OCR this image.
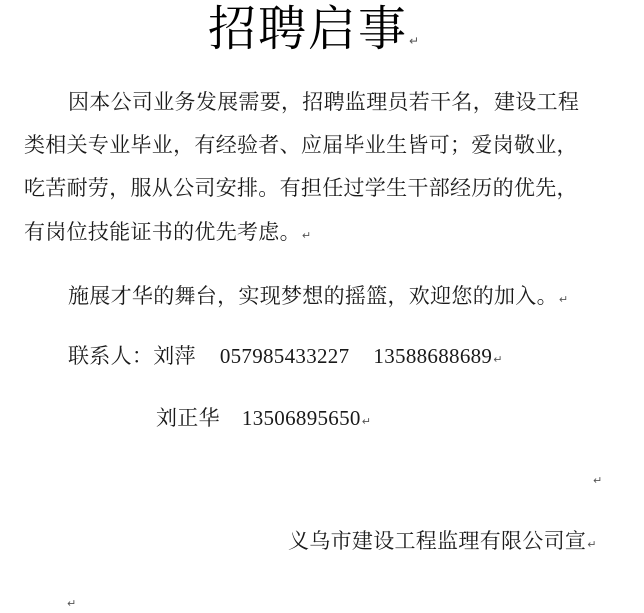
招聘启事↵
因本公司业务发展需要，招聘监理员若干名，建设工程
类相关专业毕业，有经验者、应届毕业生皆可；爱岗敬业，
吃苦耐劳，服从公司安排。有担任过学生干部经历的优先，
有岗位技能证书的优先考虑。↵
施展才华的舞台，实现梦想的摇篮，欢迎您的加入。↵
联系人：刘萍 057985433227 13588688689↵
刘正华 13506895650↵
↵
义乌市建设工程监理有限公司宣↵
↵
